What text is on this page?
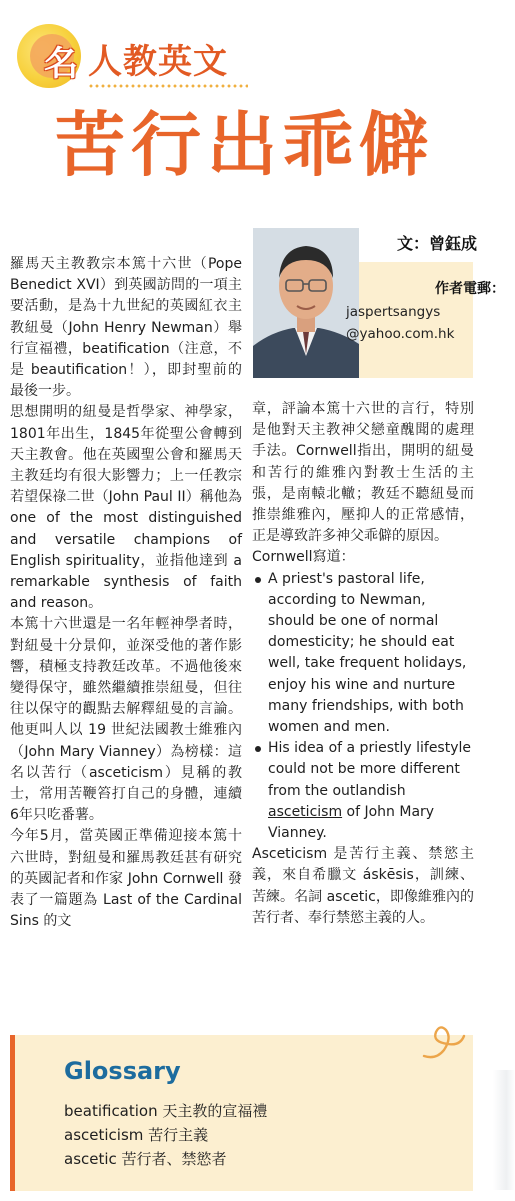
名 人教英文
苦行出乖僻
文：曾鈺成
作者電郵：
jaspertsangys
@yahoo.com.hk

羅馬天主教教宗本篤十六世（Pope Benedict XVI）到英國訪問的一項主要活動，是為十九世紀的英國紅衣主教紐曼（John Henry Newman）舉行宣福禮，beatification（注意，不是 beautification！），即封聖前的最後一步。

思想開明的紐曼是哲學家、神學家，1801年出生，1845年從聖公會轉到天主教會。他在英國聖公會和羅馬天主教廷均有很大影響力；上一任教宗若望保祿二世（John Paul II）稱他為 one of the most distinguished and versatile champions of English spirituality，並指他達到 a remarkable synthesis of faith and reason。

本篤十六世還是一名年輕神學者時，對紐曼十分景仰，並深受他的著作影響，積極支持教廷改革。不過他後來變得保守，雖然繼續推崇紐曼，但往往以保守的觀點去解釋紐曼的言論。他更叫人以 19 世紀法國教士維雅內（John Mary Vianney）為榜樣：這名以苦行（asceticism）見稱的教士，常用苦鞭笞打自己的身體，連續6年只吃番薯。

今年5月，當英國正準備迎接本篤十六世時，對紐曼和羅馬教廷甚有研究的英國記者和作家 John Cornwell 發表了一篇題為 Last of the Cardinal Sins 的文

章，評論本篤十六世的言行，特別是他對天主教神父戀童醜聞的處理手法。Cornwell指出，開明的紐曼和苦行的維雅內對教士生活的主張，是南轅北轍；教廷不聽紐曼而推崇維雅內，壓抑人的正常感情，正是導致許多神父乖僻的原因。

Cornwell寫道：

A priest's pastoral life, according to Newman, should be one of normal domesticity; he should eat well, take frequent holidays, enjoy his wine and nurture many friendships, with both women and men.
His idea of a priestly lifestyle could not be more different from the outlandish asceticism of John Mary Vianney.

Asceticism 是苦行主義、禁慾主義，來自希臘文 áskēsis，訓練、苦練。名詞 ascetic，即像維雅內的苦行者、奉行禁慾主義的人。

Glossary
beatification 天主教的宣福禮
asceticism 苦行主義
ascetic 苦行者、禁慾者
